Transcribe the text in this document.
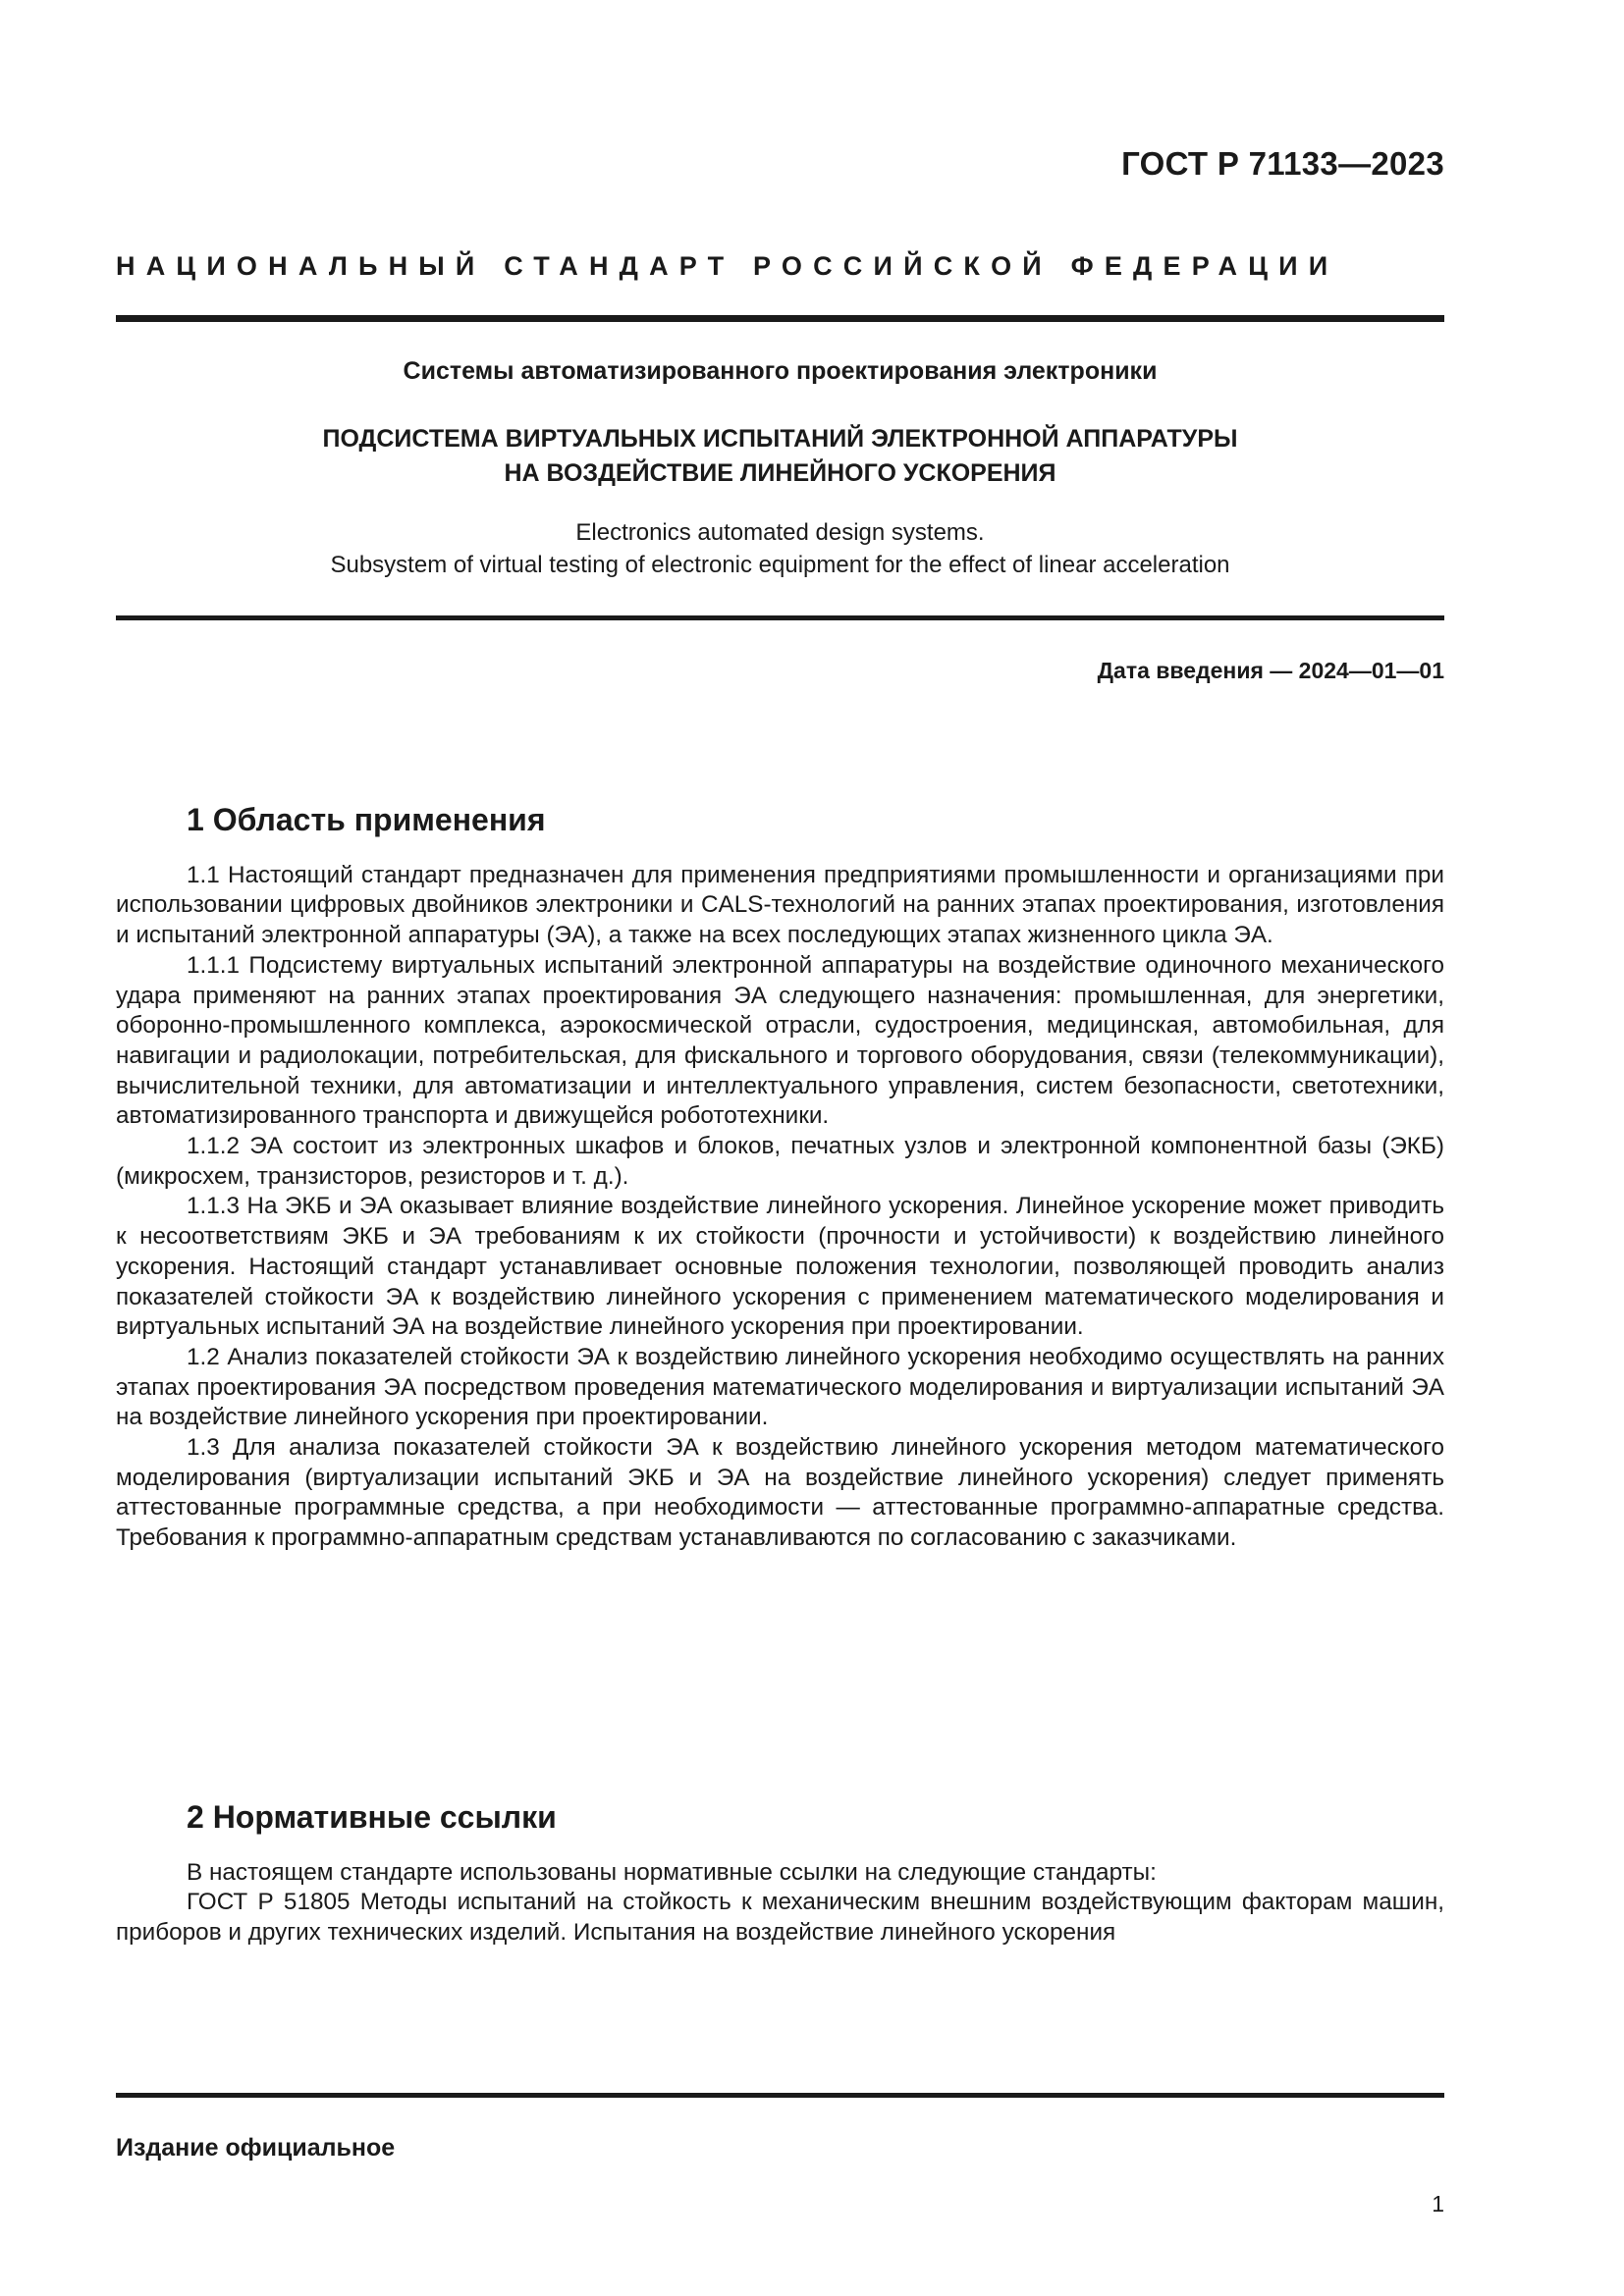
ГОСТ Р 71133—2023
НАЦИОНАЛЬНЫЙ СТАНДАРТ РОССИЙСКОЙ ФЕДЕРАЦИИ
Системы автоматизированного проектирования электроники
ПОДСИСТЕМА ВИРТУАЛЬНЫХ ИСПЫТАНИЙ ЭЛЕКТРОННОЙ АППАРАТУРЫ
НА ВОЗДЕЙСТВИЕ ЛИНЕЙНОГО УСКОРЕНИЯ
Electronics automated design systems.
Subsystem of virtual testing of electronic equipment for the effect of linear acceleration
Дата введения — 2024—01—01
1 Область применения

1.1 Настоящий стандарт предназначен для применения предприятиями промышленности и организациями при использовании цифровых двойников электроники и CALS-технологий на ранних этапах проектирования, изготовления и испытаний электронной аппаратуры (ЭА), а также на всех последующих этапах жизненного цикла ЭА.

1.1.1 Подсистему виртуальных испытаний электронной аппаратуры на воздействие одиночного механического удара применяют на ранних этапах проектирования ЭА следующего назначения: промышленная, для энергетики, оборонно-промышленного комплекса, аэрокосмической отрасли, судостроения, медицинская, автомобильная, для навигации и радиолокации, потребительская, для фискального и торгового оборудования, связи (телекоммуникации), вычислительной техники, для автоматизации и интеллектуального управления, систем безопасности, светотехники, автоматизированного транспорта и движущейся робототехники.

1.1.2 ЭА состоит из электронных шкафов и блоков, печатных узлов и электронной компонентной базы (ЭКБ) (микросхем, транзисторов, резисторов и т. д.).

1.1.3 На ЭКБ и ЭА оказывает влияние воздействие линейного ускорения. Линейное ускорение может приводить к несоответствиям ЭКБ и ЭА требованиям к их стойкости (прочности и устойчивости) к воздействию линейного ускорения. Настоящий стандарт устанавливает основные положения технологии, позволяющей проводить анализ показателей стойкости ЭА к воздействию линейного ускорения с применением математического моделирования и виртуальных испытаний ЭА на воздействие линейного ускорения при проектировании.

1.2 Анализ показателей стойкости ЭА к воздействию линейного ускорения необходимо осуществлять на ранних этапах проектирования ЭА посредством проведения математического моделирования и виртуализации испытаний ЭА на воздействие линейного ускорения при проектировании.

1.3 Для анализа показателей стойкости ЭА к воздействию линейного ускорения методом математического моделирования (виртуализации испытаний ЭКБ и ЭА на воздействие линейного ускорения) следует применять аттестованные программные средства, а при необходимости — аттестованные программно-аппаратные средства. Требования к программно-аппаратным средствам устанавливаются по согласованию с заказчиками.

2 Нормативные ссылки

В настоящем стандарте использованы нормативные ссылки на следующие стандарты:

ГОСТ Р 51805 Методы испытаний на стойкость к механическим внешним воздействующим факторам машин, приборов и других технических изделий. Испытания на воздействие линейного ускорения

Издание официальное
1
